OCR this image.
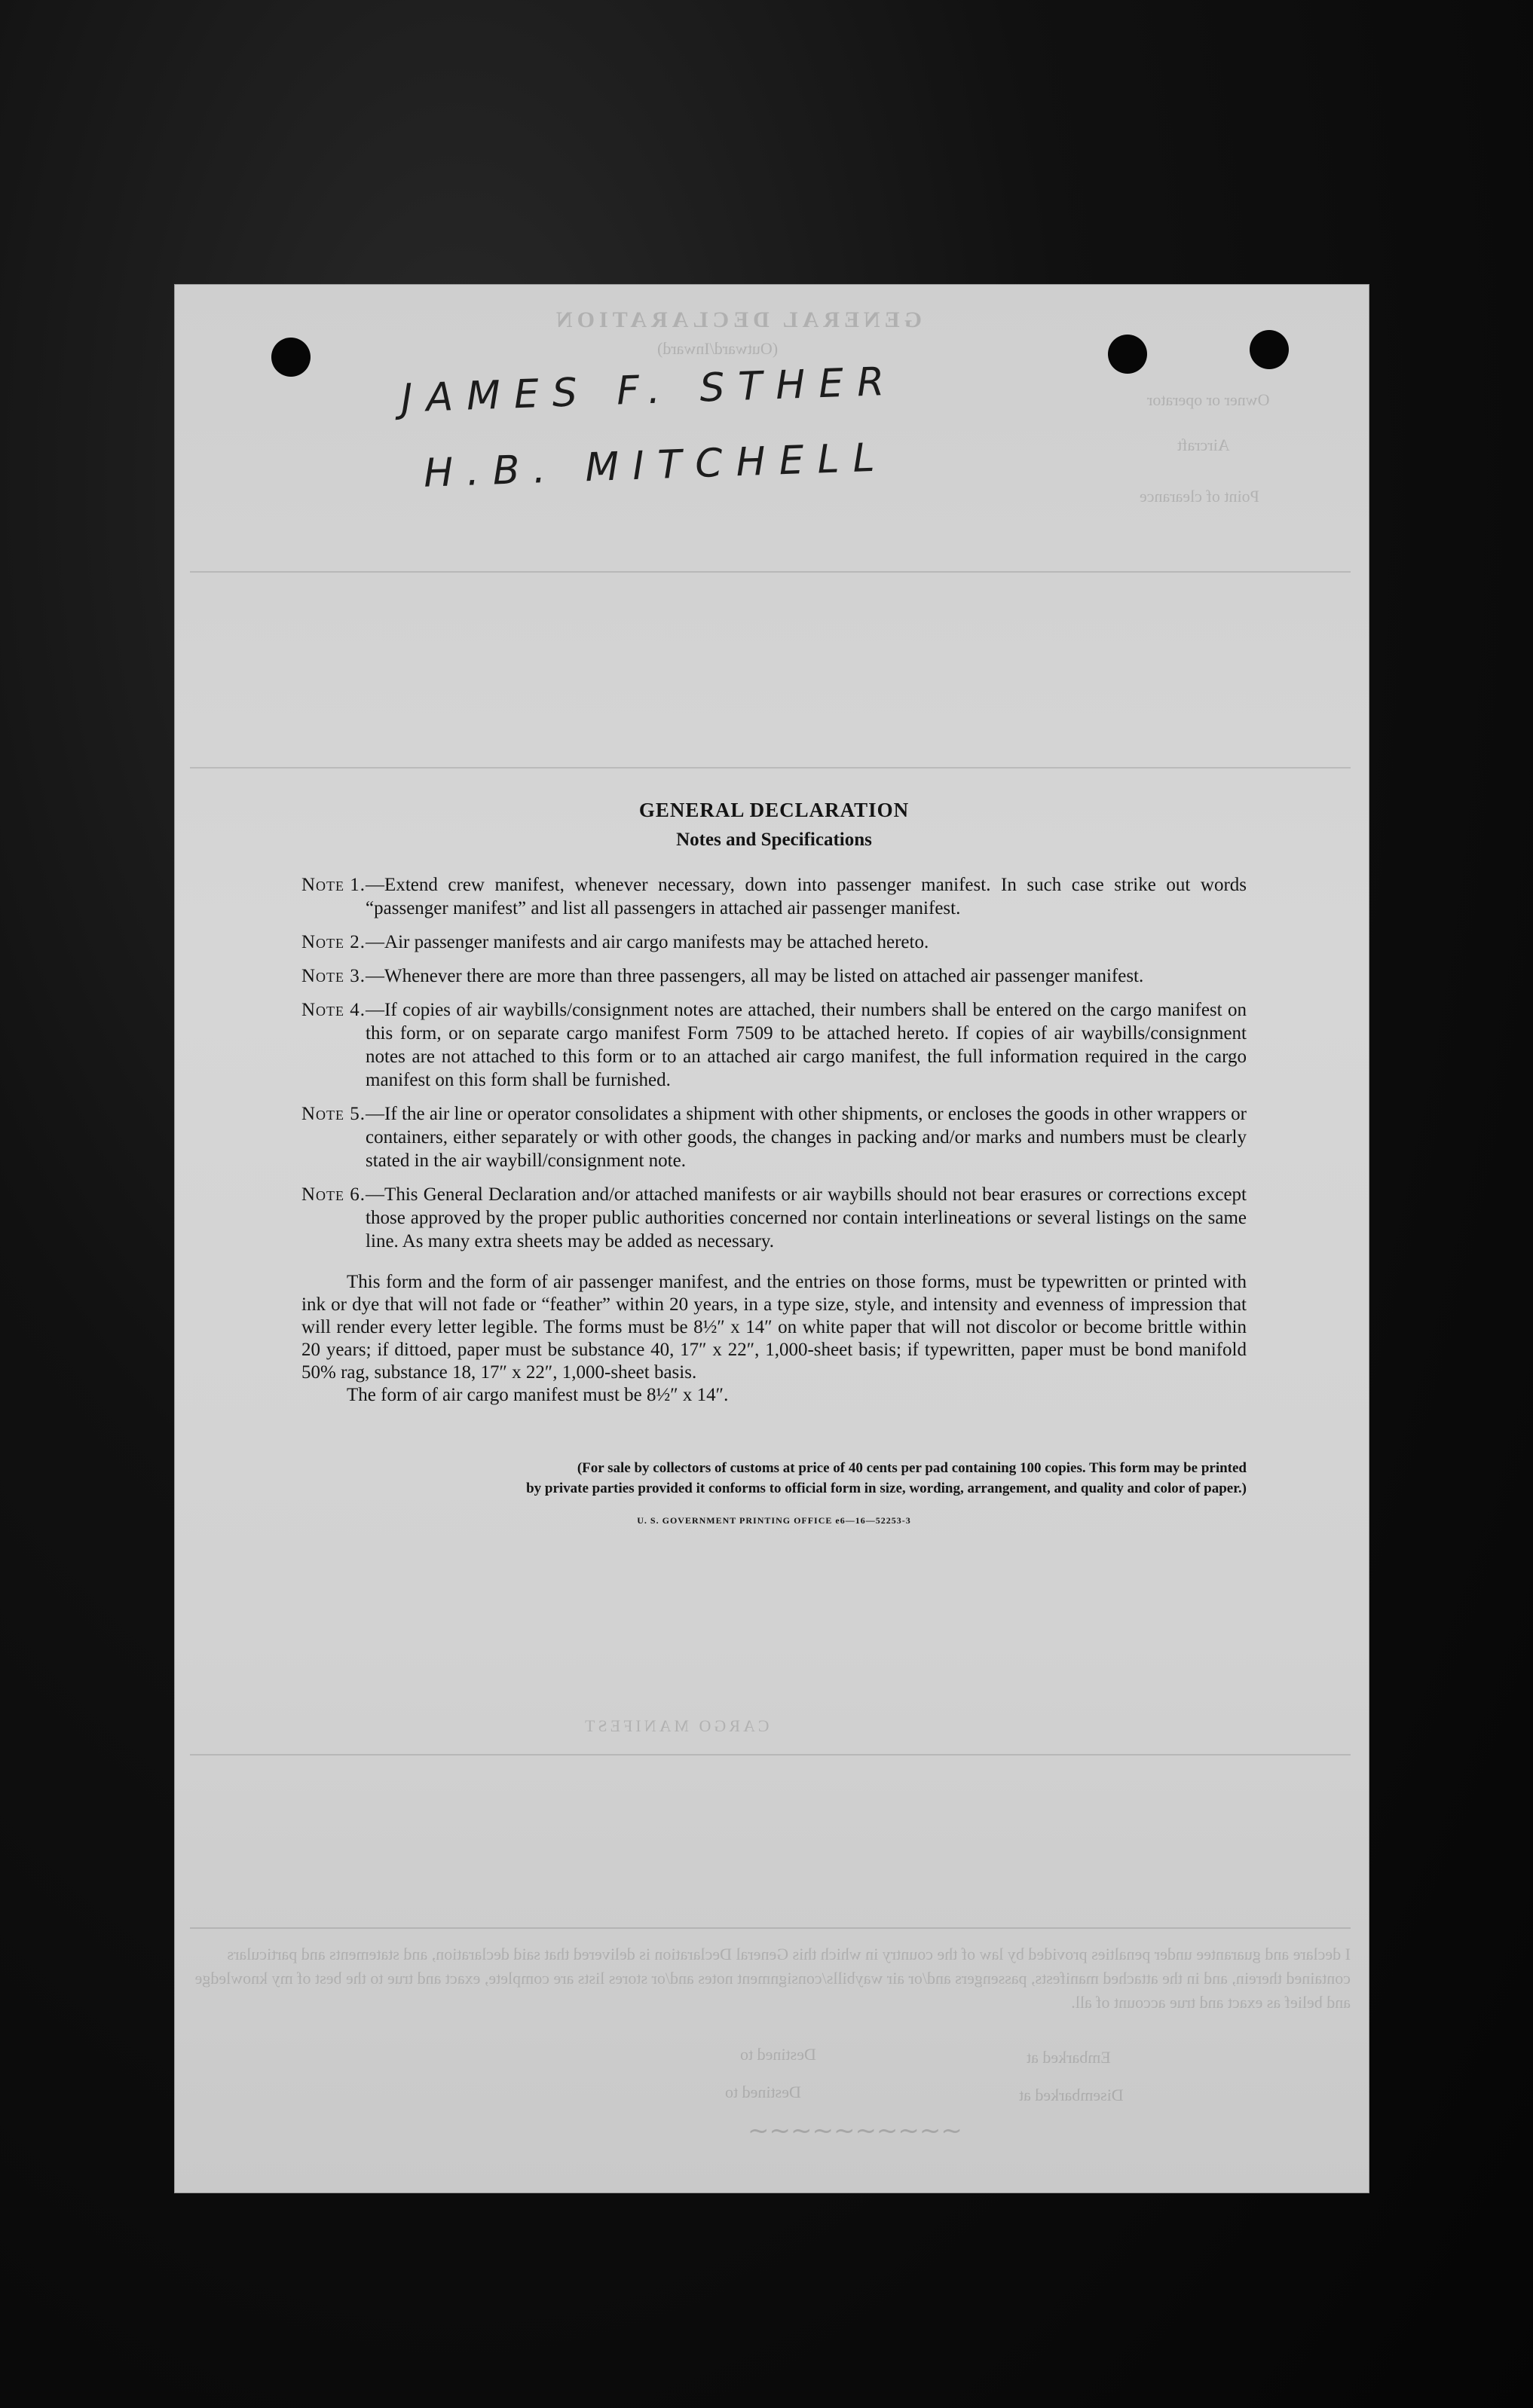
GENERAL DECLARATION
(Outward/Inward)
Owner or operator
Aircraft
Point of clearance
CARGO MANIFEST
I declare and guarantee under penalties provided by law of the country in which this General Declaration is delivered that said declaration, and statements and particulars contained therein, and in the attached manifests, passengers and/or air waybills/consignment notes and/or stores lists are complete, exact and true to the best of my knowledge and belief as exact and true account of all.
Embarked at
Disembarked at
Destined to
Destined to
JAMES F. STHER
H.B. MITCHELL
~~~~~~~~~~

GENERAL DECLARATION

Notes and Specifications

Note 1. —Extend crew manifest, whenever necessary, down into passenger manifest. In such case strike out words “passenger manifest” and list all passengers in attached air passenger manifest.
Note 2. —Air passenger manifests and air cargo manifests may be attached hereto.
Note 3. —Whenever there are more than three passengers, all may be listed on attached air passenger manifest.
Note 4. —If copies of air waybills/consignment notes are attached, their numbers shall be entered on the cargo manifest on this form, or on separate cargo manifest Form 7509 to be attached hereto. If copies of air waybills/consignment notes are not attached to this form or to an attached air cargo manifest, the full information required in the cargo manifest on this form shall be furnished.
Note 5. —If the air line or operator consolidates a shipment with other shipments, or encloses the goods in other wrappers or containers, either separately or with other goods, the changes in packing and/or marks and numbers must be clearly stated in the air waybill/consignment note.
Note 6. —This General Declaration and/or attached manifests or air waybills should not bear erasures or corrections except those approved by the proper public authorities concerned nor contain interlineations or several listings on the same line. As many extra sheets may be added as necessary.
This form and the form of air passenger manifest, and the entries on those forms, must be typewritten or printed with ink or dye that will not fade or “feather” within 20 years, in a type size, style, and intensity and evenness of impression that will render every letter legible. The forms must be 8½″ x 14″ on white paper that will not discolor or become brittle within 20 years; if dittoed, paper must be substance 40, 17″ x 22″, 1,000-sheet basis; if typewritten, paper must be bond manifold 50% rag, substance 18, 17″ x 22″, 1,000-sheet basis.
The form of air cargo manifest must be 8½″ x 14″.
(For sale by collectors of customs at price of 40 cents per pad containing 100 copies. This form may be printed
by private parties provided it conforms to official form in size, wording, arrangement, and quality and color of paper.)
U. S. GOVERNMENT PRINTING OFFICE e6—16—52253-3
